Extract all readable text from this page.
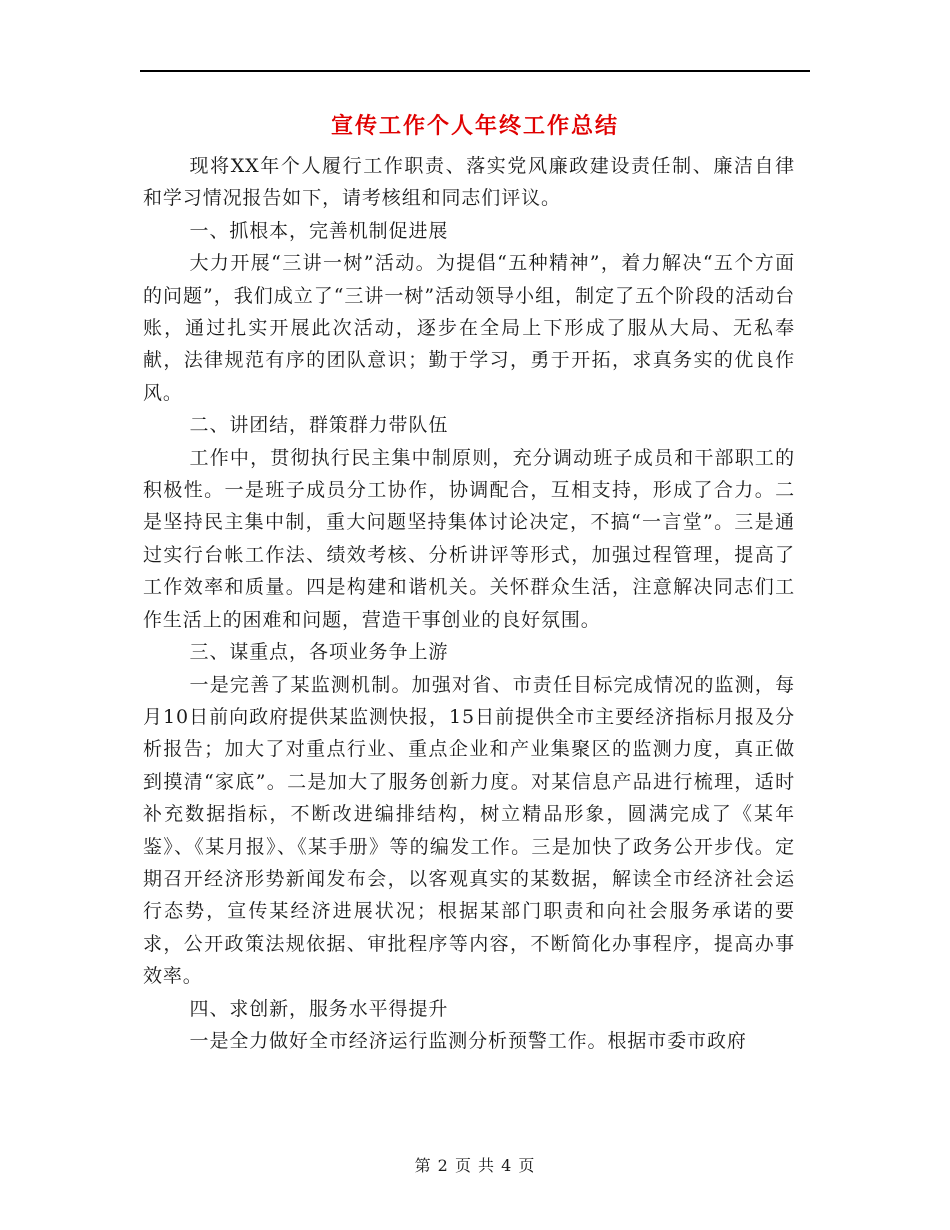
宣传工作个人年终工作总结

现将XX年个人履行工作职责、落实党风廉政建设责任制、廉洁自律和学习情况报告如下，请考核组和同志们评议。

一、抓根本，完善机制促进展

大力开展“三讲一树”活动。为提倡“五种精神”，着力解决“五个方面的问题”，我们成立了“三讲一树”活动领导小组，制定了五个阶段的活动台账，通过扎实开展此次活动，逐步在全局上下形成了服从大局、无私奉献，法律规范有序的团队意识；勤于学习，勇于开拓，求真务实的优良作风。

二、讲团结，群策群力带队伍

工作中，贯彻执行民主集中制原则，充分调动班子成员和干部职工的积极性。一是班子成员分工协作，协调配合，互相支持，形成了合力。二是坚持民主集中制，重大问题坚持集体讨论决定，不搞“一言堂”。三是通过实行台帐工作法、绩效考核、分析讲评等形式，加强过程管理，提高了工作效率和质量。四是构建和谐机关。关怀群众生活，注意解决同志们工作生活上的困难和问题，营造干事创业的良好氛围。

三、谋重点，各项业务争上游

一是完善了某监测机制。加强对省、市责任目标完成情况的监测，每月10日前向政府提供某监测快报，15日前提供全市主要经济指标月报及分析报告；加大了对重点行业、重点企业和产业集聚区的监测力度，真正做到摸清“家底”。二是加大了服务创新力度。对某信息产品进行梳理，适时补充数据指标，不断改进编排结构，树立精品形象，圆满完成了《某年鉴》、《某月报》、《某手册》等的编发工作。三是加快了政务公开步伐。定期召开经济形势新闻发布会，以客观真实的某数据，解读全市经济社会运行态势，宣传某经济进展状况；根据某部门职责和向社会服务承诺的要求，公开政策法规依据、审批程序等内容，不断简化办事程序，提高办事效率。

四、求创新，服务水平得提升

一是全力做好全市经济运行监测分析预警工作。根据市委市政府

第 2 页 共 4 页
